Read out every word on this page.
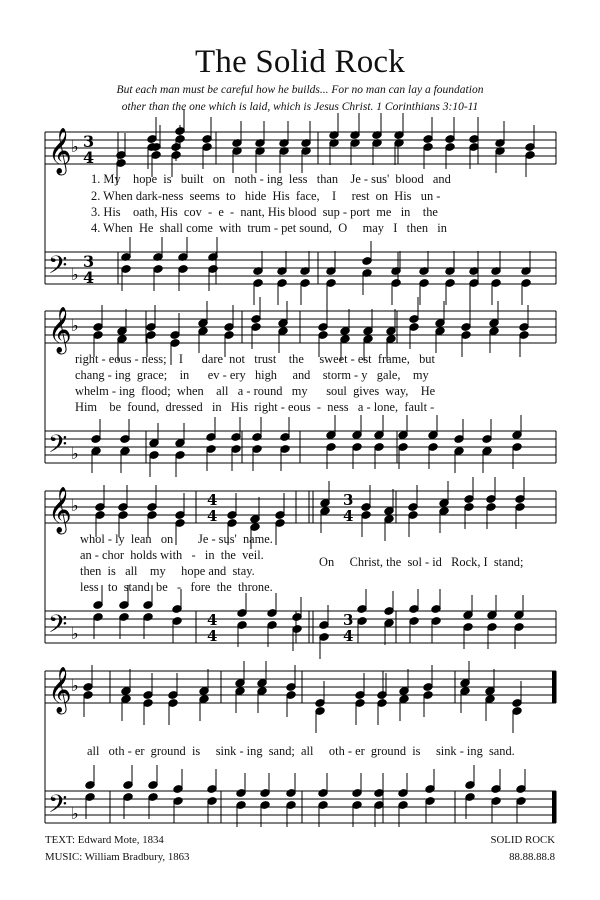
The Solid Rock
But each man must be careful how he builds... For no man can lay a foundation
other than the one which is laid, which is Jesus Christ. 1 Corinthians 3:10-11
𝄞
𝄢
♭
♭
3
4
3
4
𝄞
𝄢
♭
♭
𝄞
𝄢
♭
♭
𝄞
𝄢
♭
♭
4
4
4
4
3
4
3
4
1. My    hope  is   built   on   noth - ing  less   than    Je - sus'  blood   and
2. When dark-ness  seems  to   hide  His  face,    I     rest  on  His   un -
3. His    oath, His  cov  -  e  -  nant, His blood  sup - port  me   in    the
4. When  He  shall come  with  trum - pet sound,  O     may   I   then   in
right - eous - ness;    I      dare  not   trust    the     sweet - est  frame,   but
chang - ing  grace;    in      ev - ery   high     and    storm - y   gale,    my
whelm - ing  flood;  when    all   a - round   my      soul  gives  way,    He
Him    be  found,  dressed   in   His  right - eous  -  ness   a - lone,  fault -
whol - ly  lean   on        Je - sus'  name.
an - chor  holds with   -   in  the  veil.
then  is   all    my     hope and  stay.
less   to  stand  be   -   fore  the  throne.
On     Christ, the  sol - id   Rock, I  stand;
all   oth - er  ground  is     sink - ing  sand;  all     oth - er  ground  is     sink - ing  sand.
TEXT: Edward Mote, 1834
MUSIC: William Bradbury, 1863
SOLID ROCK
88.88.88.8
